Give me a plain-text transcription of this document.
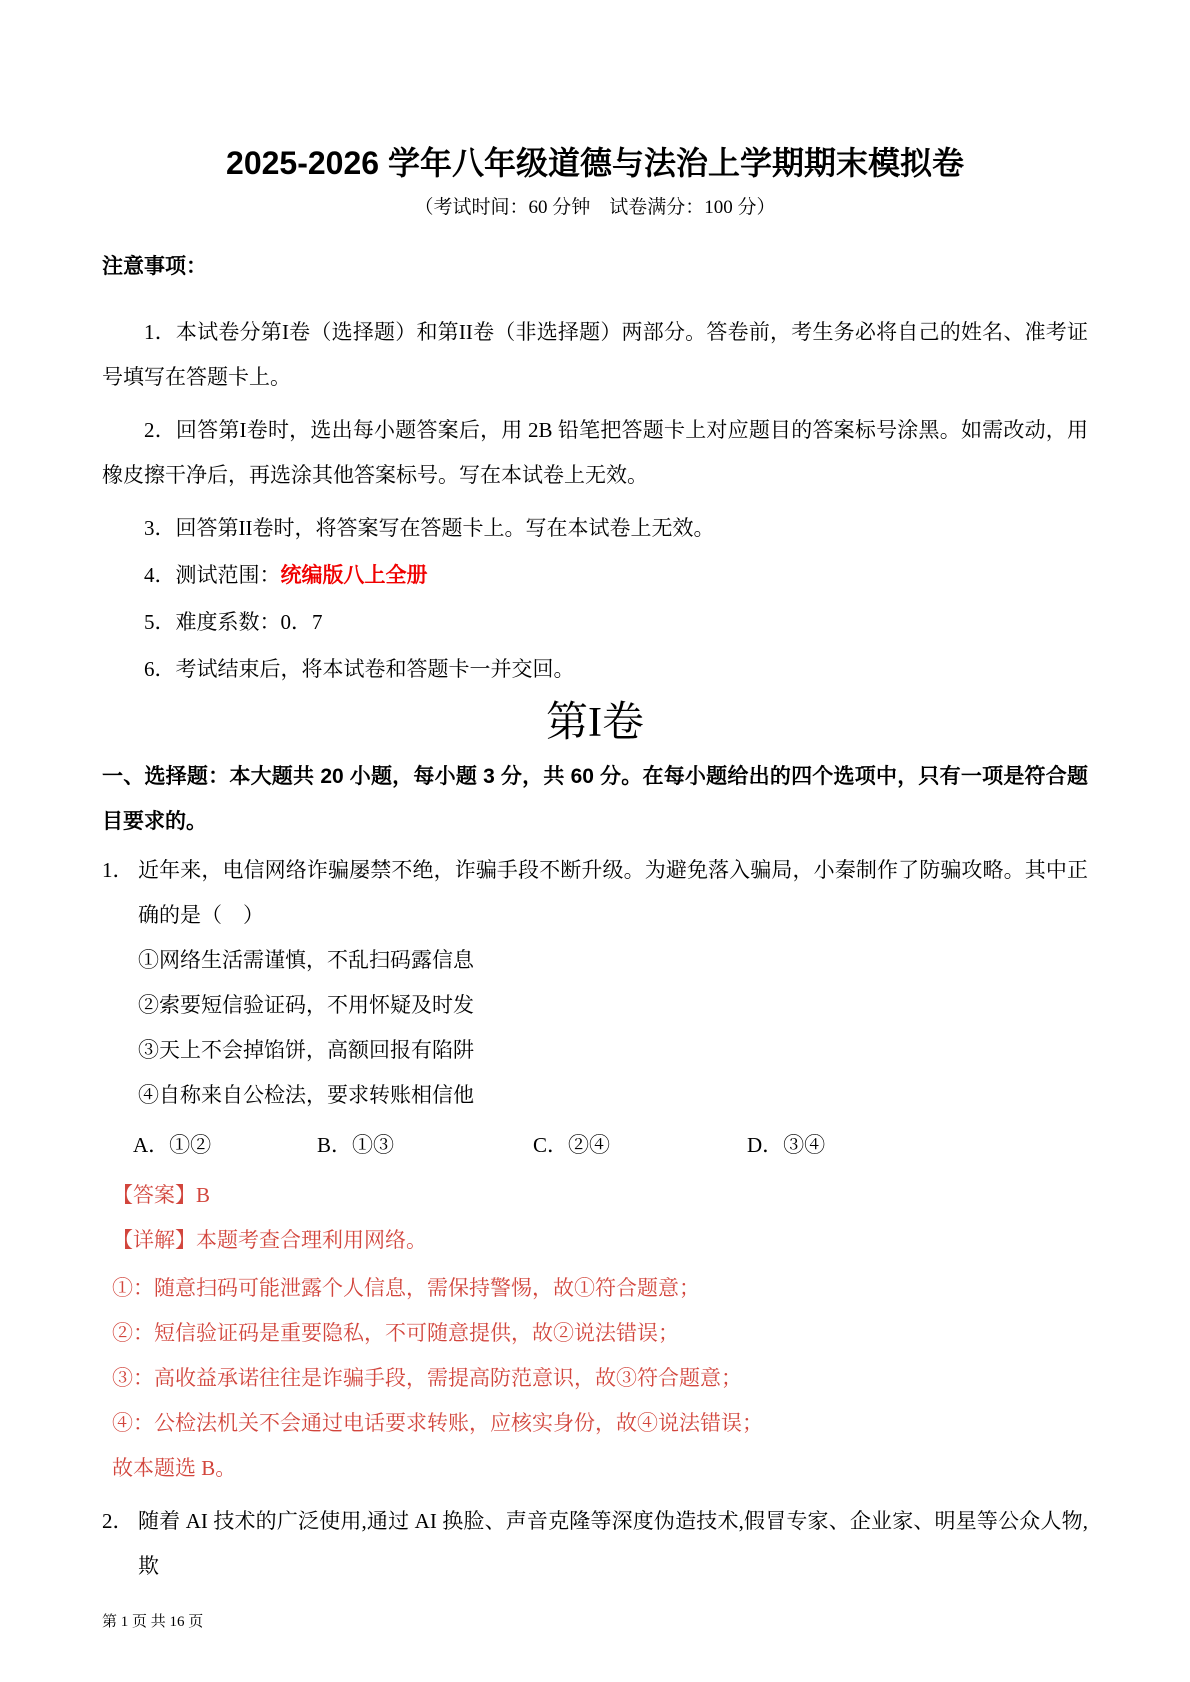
2025-2026 学年八年级道德与法治上学期期末模拟卷
（考试时间：60 分钟　试卷满分：100 分）
注意事项：

1．本试卷分第I卷（选择题）和第II卷（非选择题）两部分。答卷前，考生务必将自己的姓名、准考证号填写在答题卡上。

2．回答第I卷时，选出每小题答案后，用 2B 铅笔把答题卡上对应题目的答案标号涂黑。如需改动，用橡皮擦干净后，再选涂其他答案标号。写在本试卷上无效。

3．回答第II卷时，将答案写在答题卡上。写在本试卷上无效。

4．测试范围：统编版八上全册

5．难度系数：0．7

6．考试结束后，将本试卷和答题卡一并交回。

第I卷

一、选择题：本大题共 20 小题，每小题 3 分，共 60 分。在每小题给出的四个选项中，只有一项是符合题目要求的。

1． 近年来，电信网络诈骗屡禁不绝，诈骗手段不断升级。为避免落入骗局，小秦制作了防骗攻略。其中正确的是（　）

①网络生活需谨慎，不乱扫码露信息

②索要短信验证码，不用怀疑及时发

③天上不会掉馅饼，高额回报有陷阱

④自称来自公检法，要求转账相信他

A．①②	B．①③	C．②④	D．③④

【答案】B

【详解】本题考查合理利用网络。

①：随意扫码可能泄露个人信息，需保持警惕，故①符合题意；

②：短信验证码是重要隐私，不可随意提供，故②说法错误；

③：高收益承诺往往是诈骗手段，需提高防范意识，故③符合题意；

④：公检法机关不会通过电话要求转账，应核实身份，故④说法错误；

故本题选 B。

2． 随着 AI 技术的广泛使用,通过 AI 换脸、声音克隆等深度伪造技术,假冒专家、企业家、明星等公众人物,欺

第 1 页 共 16 页
